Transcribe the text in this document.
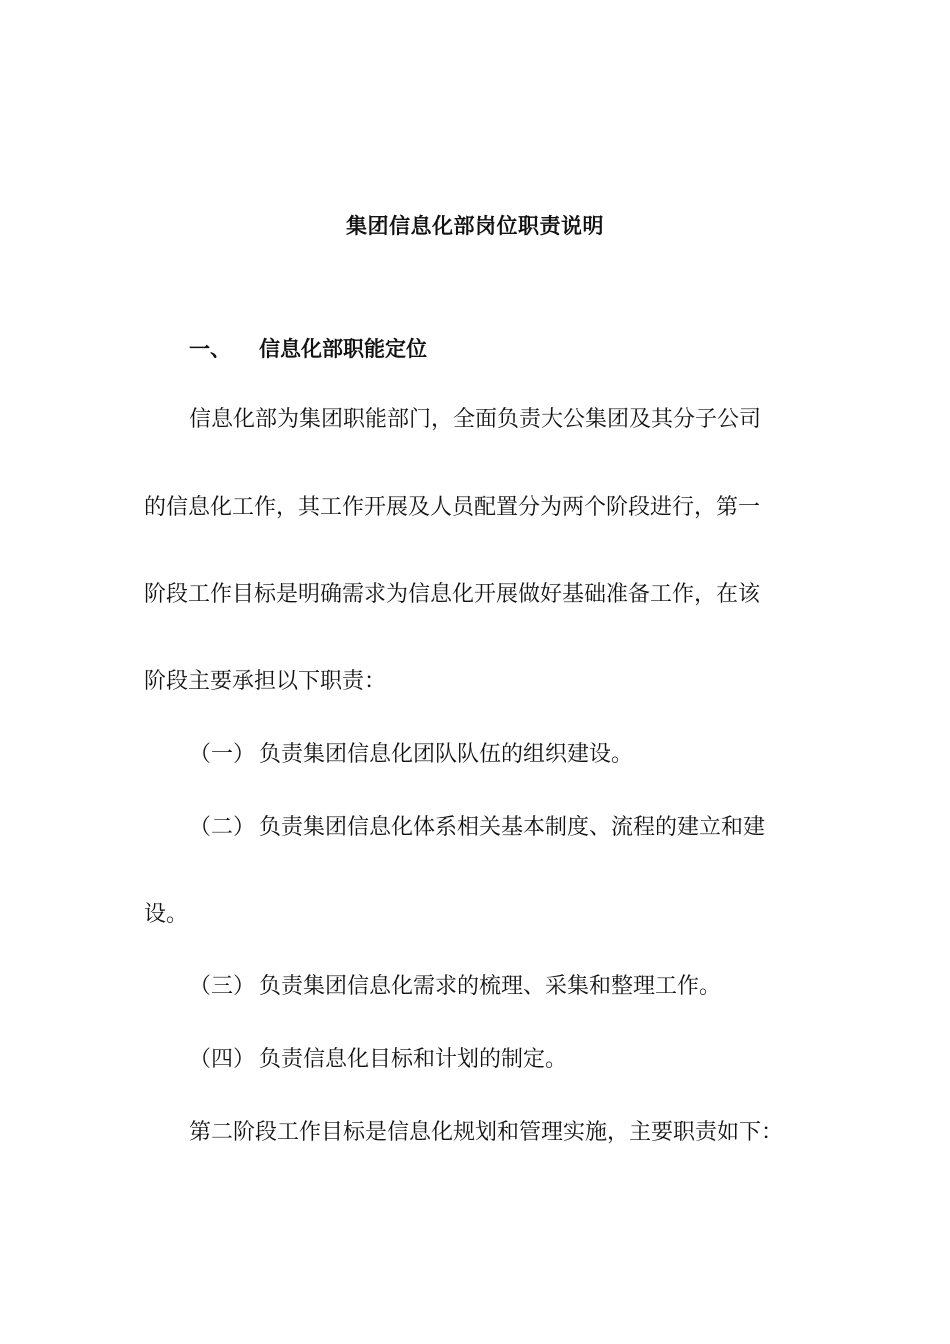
集团信息化部岗位职责说明
一、 信息化部职能定位
信息化部为集团职能部门，全面负责大公集团及其分子公司
的信息化工作，其工作开展及人员配置分为两个阶段进行，第一
阶段工作目标是明确需求为信息化开展做好基础准备工作，在该
阶段主要承担以下职责：
（一） 负责集团信息化团队队伍的组织建设。
（二） 负责集团信息化体系相关基本制度、流程的建立和建
设。
（三） 负责集团信息化需求的梳理、采集和整理工作。
（四） 负责信息化目标和计划的制定。
第二阶段工作目标是信息化规划和管理实施，主要职责如下：
